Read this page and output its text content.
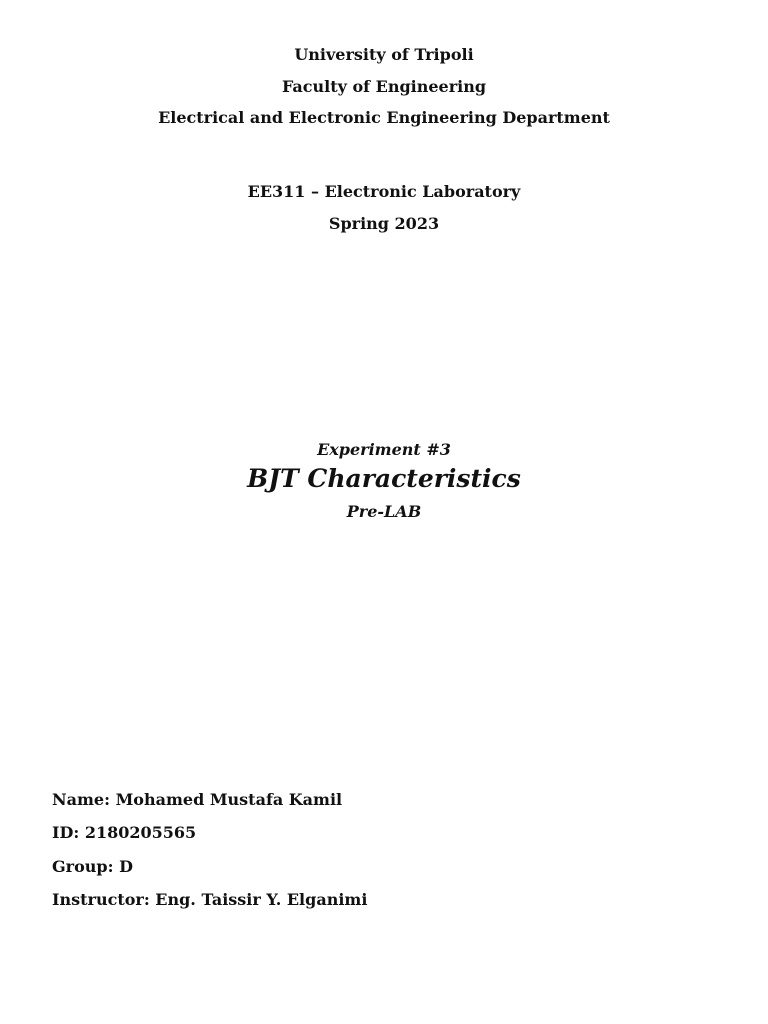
University of Tripoli
Faculty of Engineering
Electrical and Electronic Engineering Department
EE311 – Electronic Laboratory
Spring 2023
Experiment #3
BJT Characteristics
Pre-LAB
Name: Mohamed Mustafa Kamil
ID: 2180205565
Group: D
Instructor: Eng. Taissir Y. Elganimi
